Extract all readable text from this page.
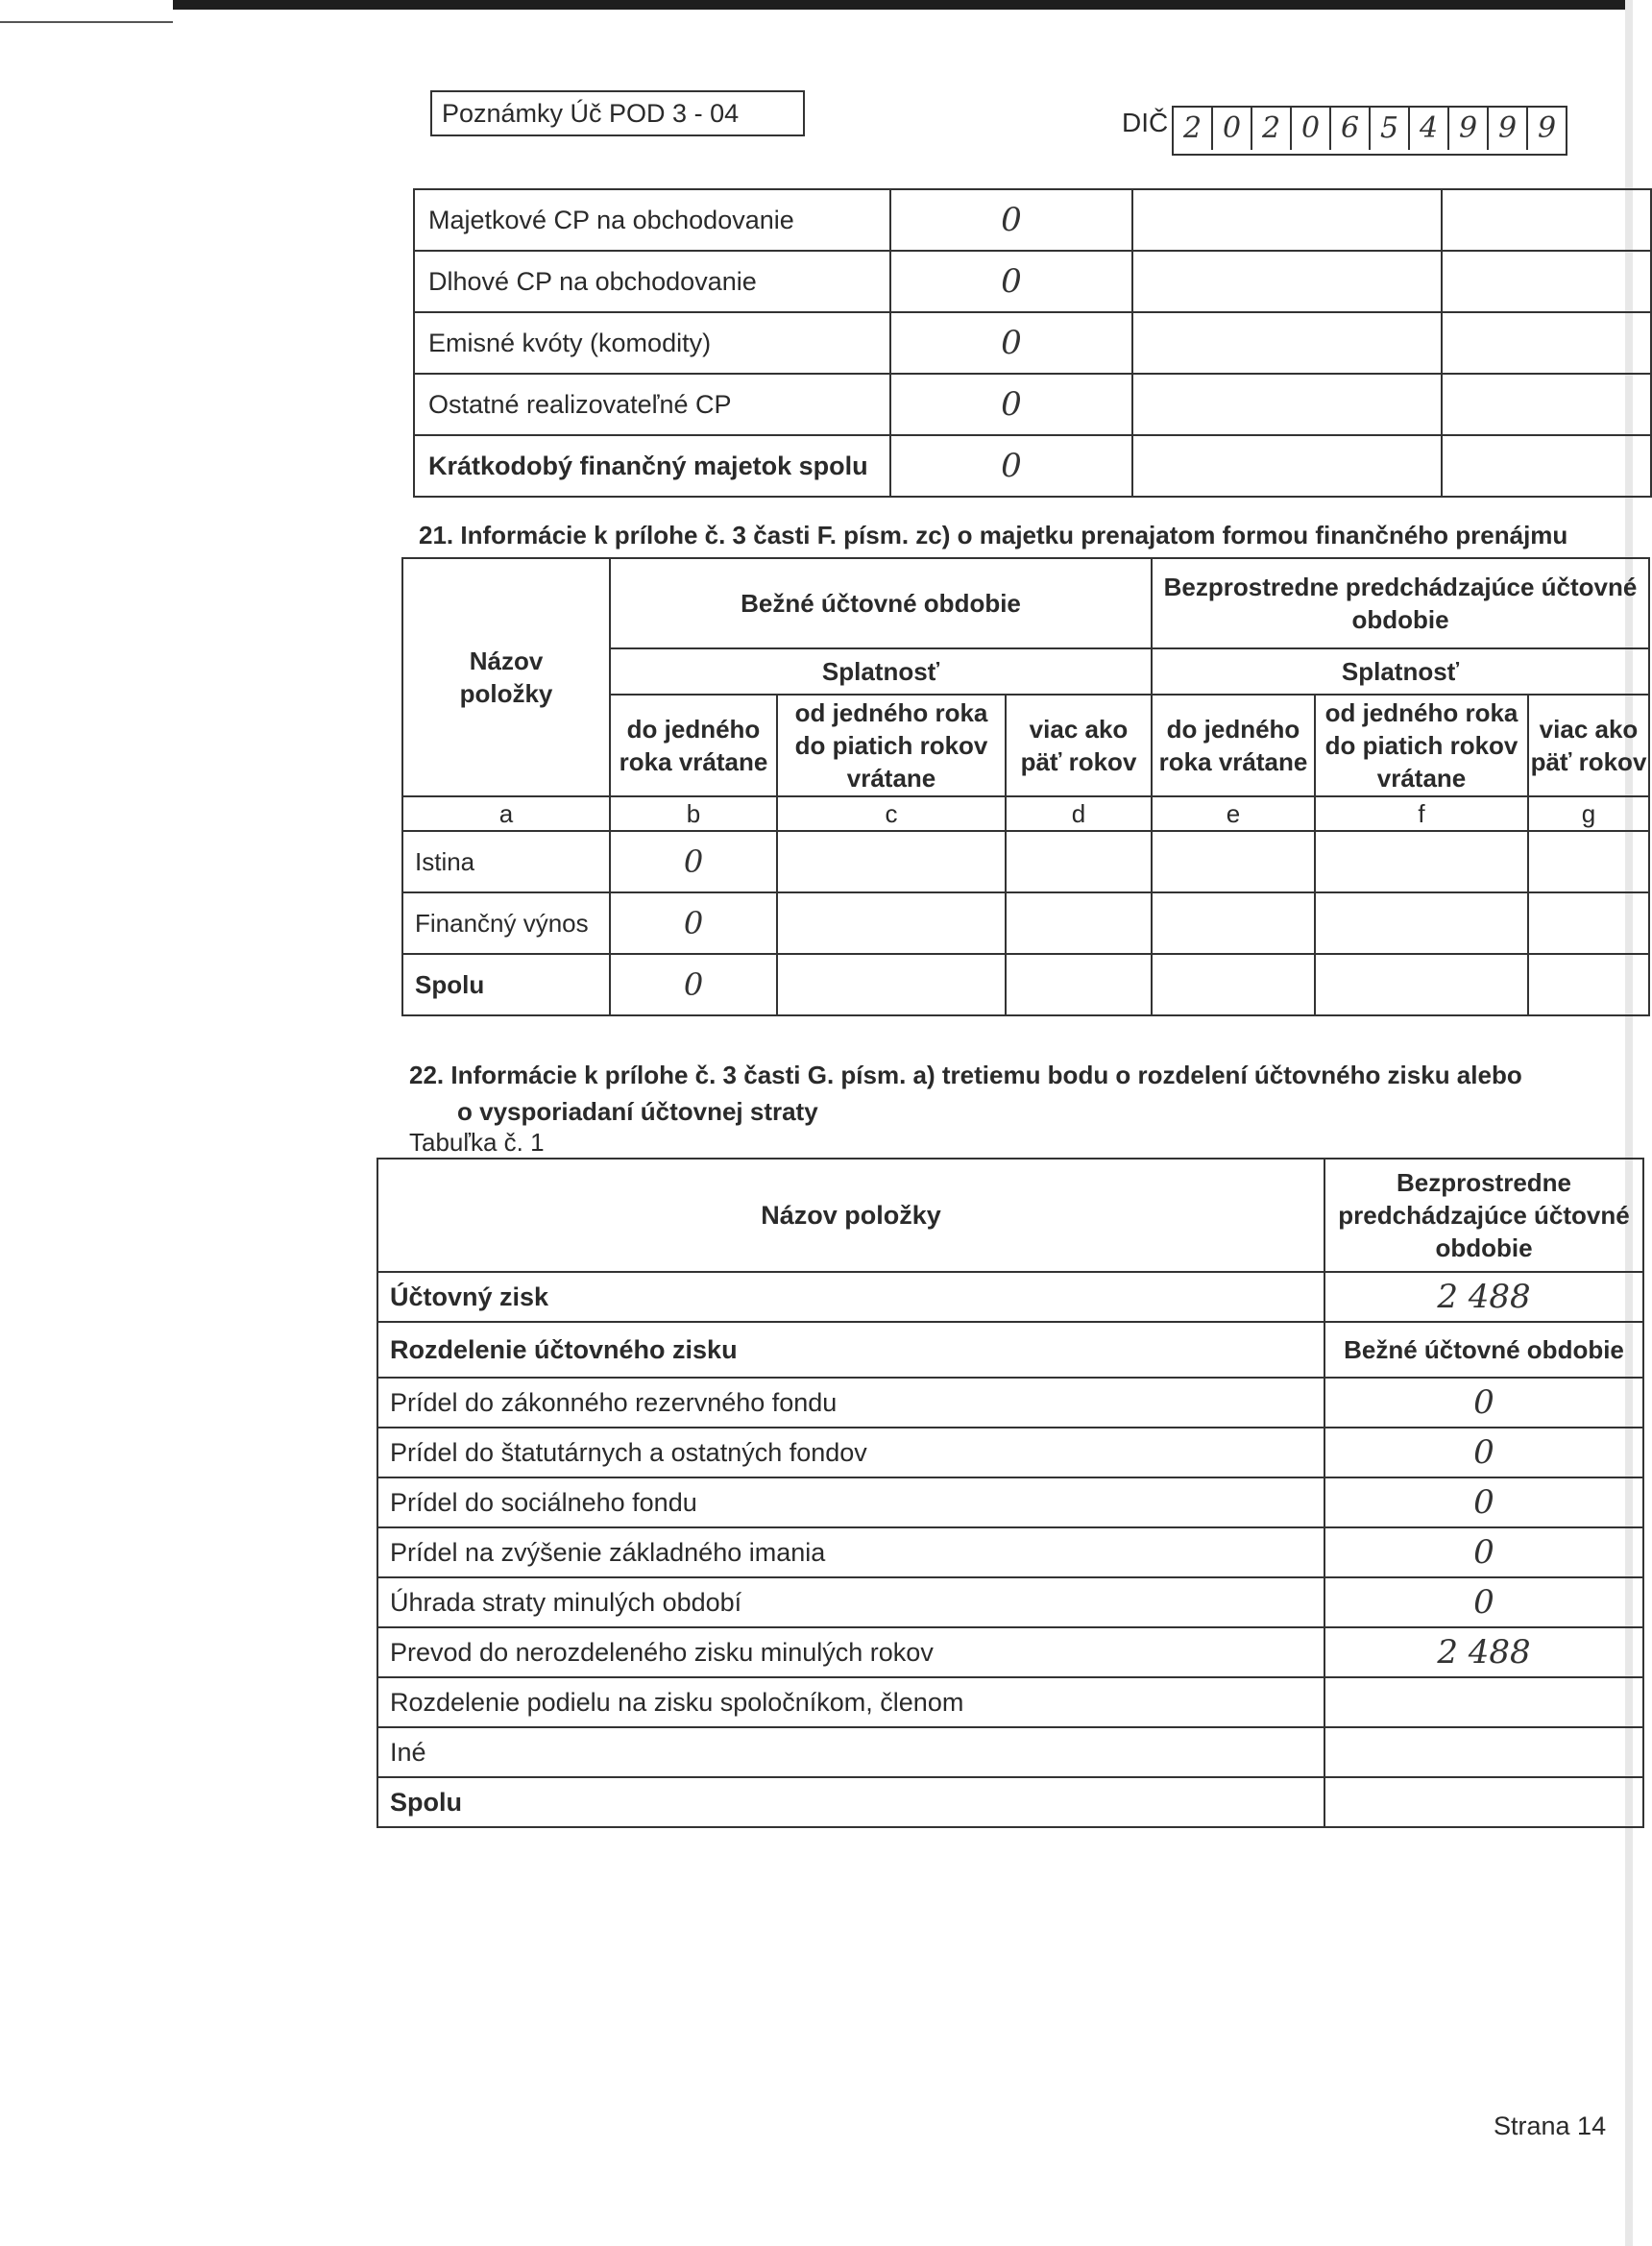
Poznámky Úč POD 3 - 04	DIČ 2 0 2 0 6 5 4 9 9 9
Majetkové CP na obchodovanie	0		
Dlhové CP na obchodovanie	0		
Emisné kvóty (komodity)	0		
Ostatné realizovateľné CP	0		
Krátkodobý finančný majetok spolu	0		
21. Informácie k prílohe č. 3 časti F. písm. zc) o majetku prenajatom formou finančného prenájmu
Názov položky	Bežné účtovné obdobie			Bezprostredne predchádzajúce účtovné obdobie		
	Splatnosť			Splatnosť		
	do jedného roka vrátane	od jedného roka do piatich rokov vrátane	viac ako päť rokov	do jedného roka vrátane	od jedného roka do piatich rokov vrátane	viac ako päť rokov
a	b	c	d	e	f	g
Istina	0					
Finančný výnos	0					
Spolu	0					
22. Informácie k prílohe č. 3 časti G. písm. a) tretiemu bodu o rozdelení účtovného zisku alebo
o vysporiadaní účtovnej straty
Tabuľka č. 1
Názov položky	Bezprostredne predchádzajúce účtovné obdobie
Účtovný zisk	2 488
Rozdelenie účtovného zisku	Bežné účtovné obdobie
Prídel do zákonného rezervného fondu	0
Prídel do štatutárnych a ostatných fondov	0
Prídel do sociálneho fondu	0
Prídel na zvýšenie základného imania	0
Úhrada straty minulých období	0
Prevod do nerozdeleného zisku minulých rokov	2 488
Rozdelenie podielu na zisku spoločníkom, členom	
Iné	
Spolu	
Strana 14
